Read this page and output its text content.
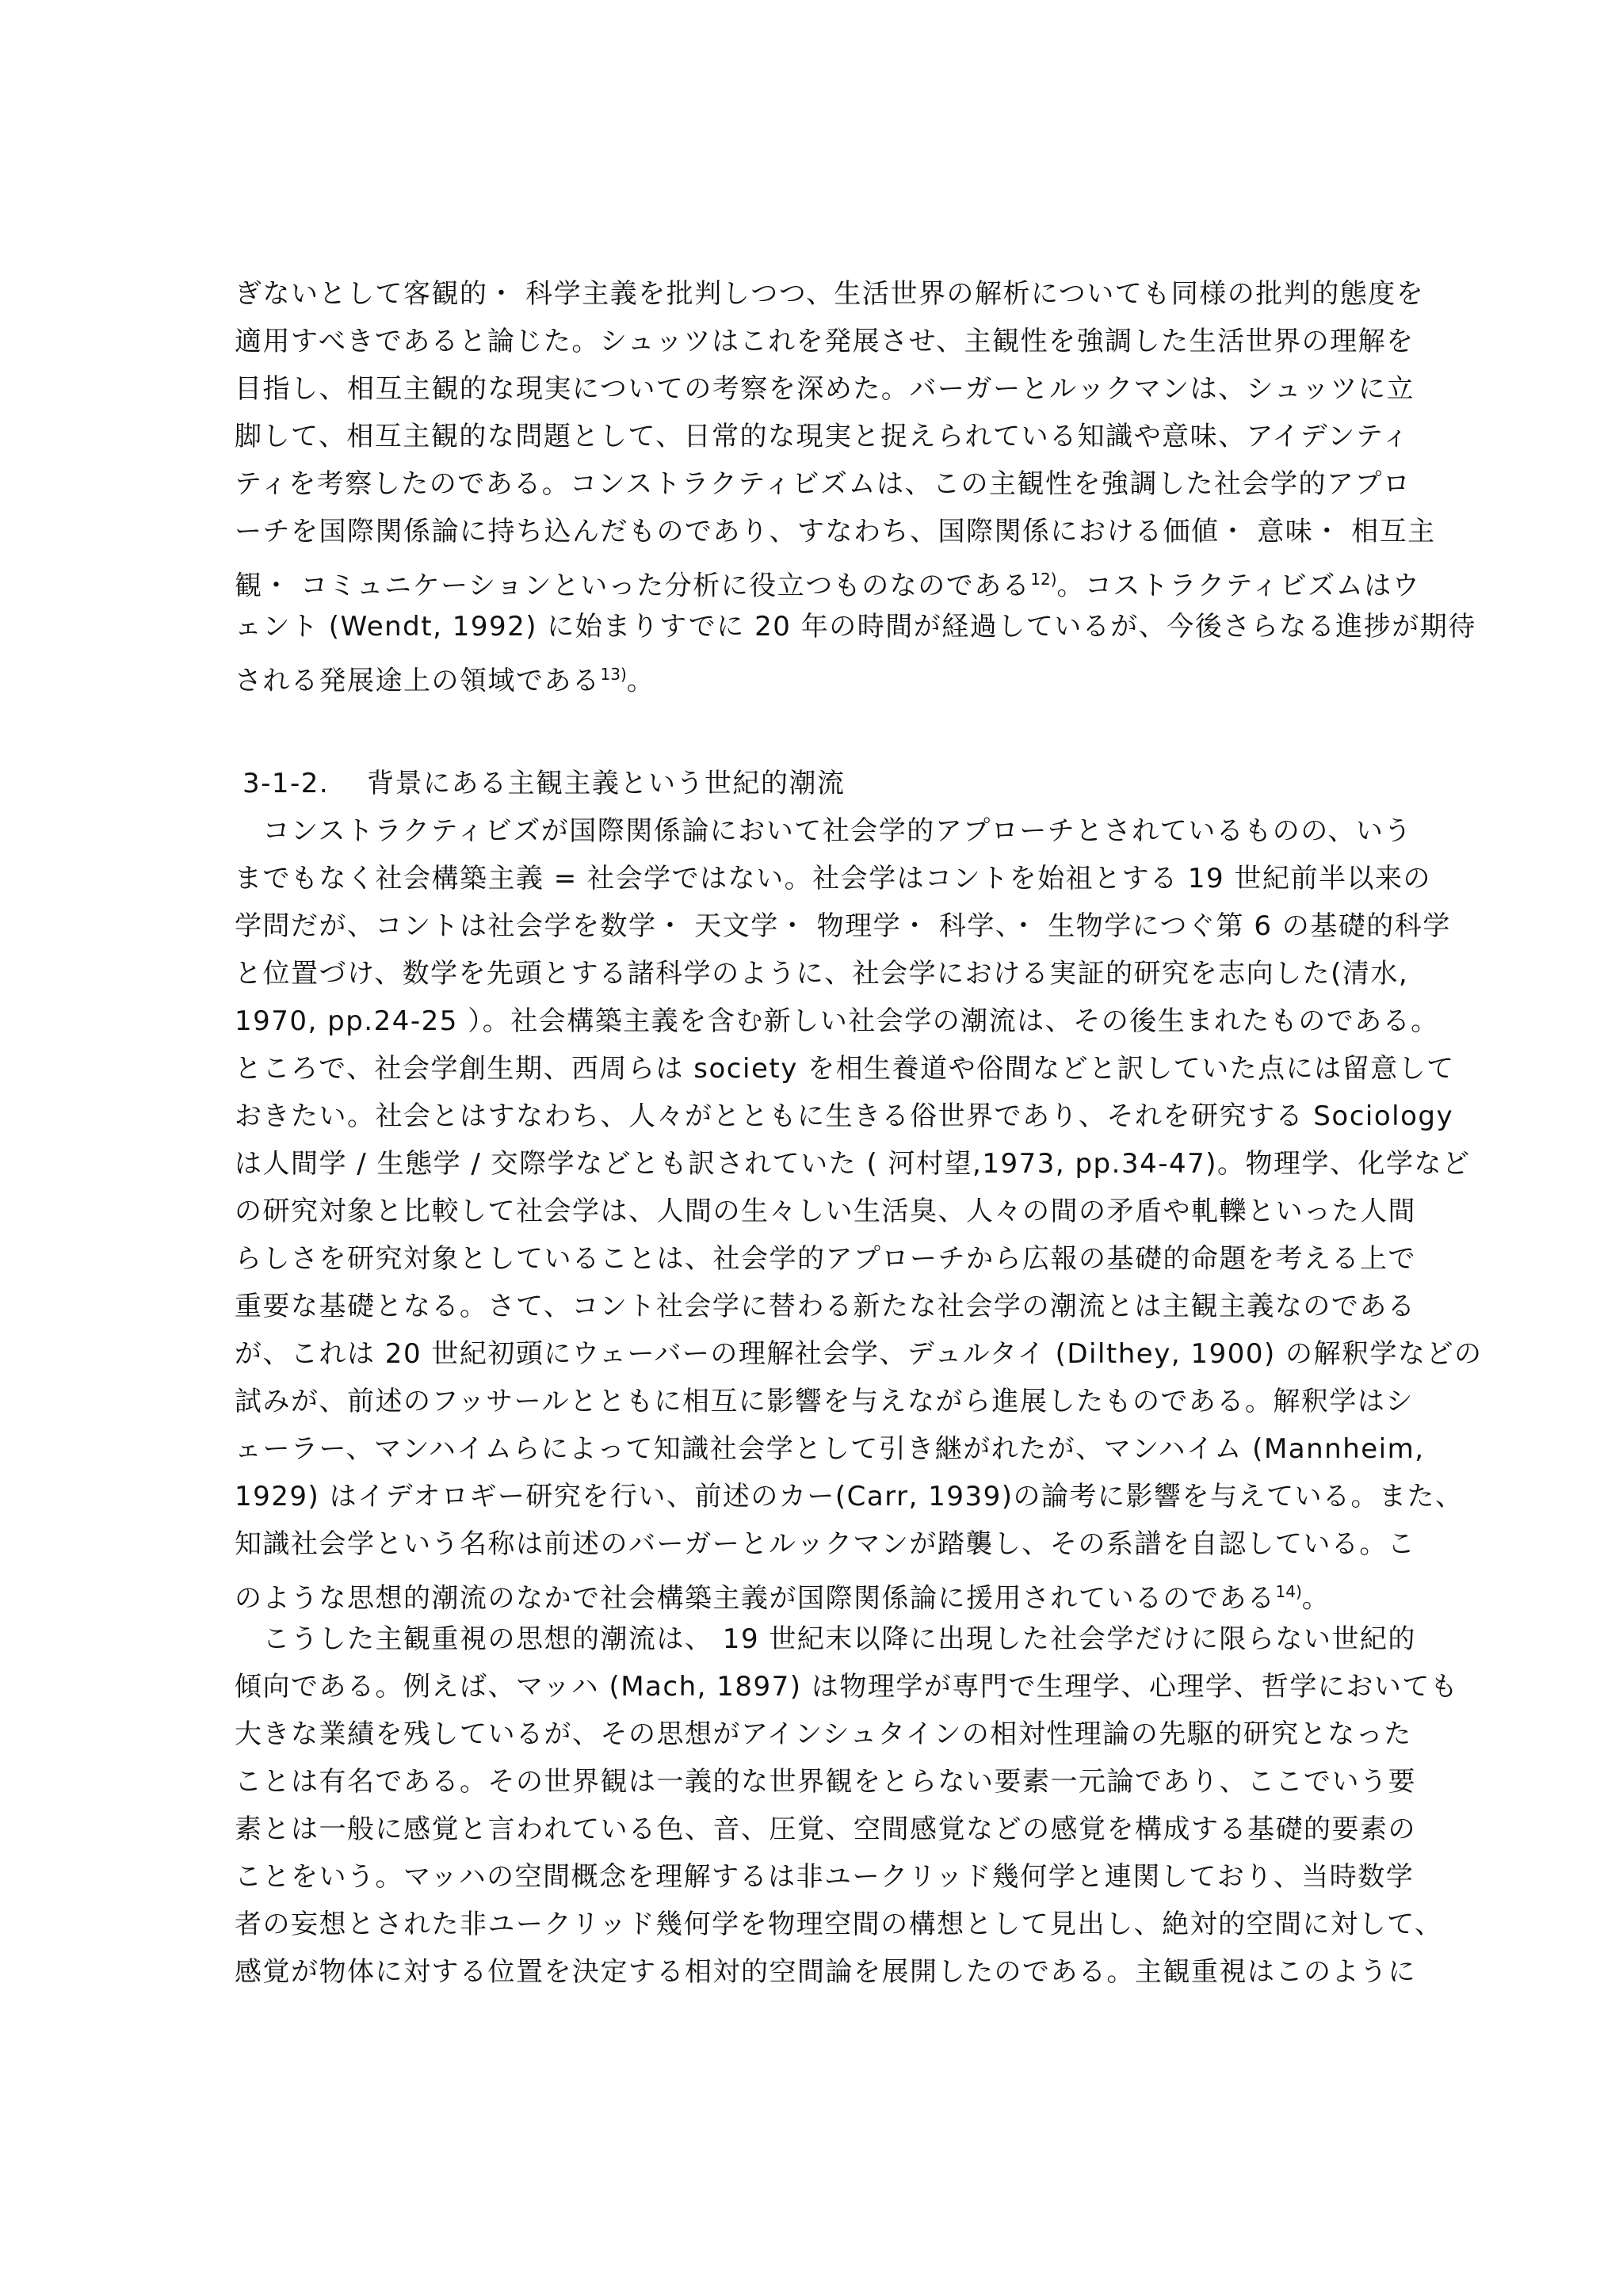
ぎないとして客観的・ 科学主義を批判しつつ、生活世界の解析についても同様の批判的態度を
適用すべきであると論じた。シュッツはこれを発展させ、主観性を強調した生活世界の理解を
目指し、相互主観的な現実についての考察を深めた。バーガーとルックマンは、シュッツに立
脚して、相互主観的な問題として、日常的な現実と捉えられている知識や意味、アイデンティ
ティを考察したのである。コンストラクティビズムは、この主観性を強調した社会学的アプロ
ーチを国際関係論に持ち込んだものであり、すなわち、国際関係における価値・ 意味・ 相互主
観・ コミュニケーションといった分析に役立つものなのである$^{12)}$。コストラクティビズムはウ
ェント (Wendt, 1992) に始まりすでに 20 年の時間が経過しているが、今後さらなる進捗が期待
される発展途上の領域である$^{13)}$。
3-1-2.　 背景にある主観主義という世紀的潮流
　コンストラクティビズが国際関係論において社会学的アプローチとされているものの、いう
までもなく社会構築主義 = 社会学ではない。社会学はコントを始祖とする 19 世紀前半以来の
学問だが、コントは社会学を数学・ 天文学・ 物理学・ 科学、・ 生物学につぐ第 6 の基礎的科学
と位置づけ、数学を先頭とする諸科学のように、社会学における実証的研究を志向した(清水,
1970, pp.24-25 ）。社会構築主義を含む新しい社会学の潮流は、その後生まれたものである。
ところで、社会学創生期、西周らは society を相生養道や俗間などと訳していた点には留意して
おきたい。社会とはすなわち、人々がとともに生きる俗世界であり、それを研究する Sociology
は人間学 / 生態学 / 交際学などとも訳されていた ( 河村望,1973, pp.34-47)。物理学、化学など
の研究対象と比較して社会学は、人間の生々しい生活臭、人々の間の矛盾や軋轢といった人間
らしさを研究対象としていることは、社会学的アプローチから広報の基礎的命題を考える上で
重要な基礎となる。さて、コント社会学に替わる新たな社会学の潮流とは主観主義なのである
が、これは 20 世紀初頭にウェーバーの理解社会学、デュルタイ (Dilthey, 1900) の解釈学などの
試みが、前述のフッサールとともに相互に影響を与えながら進展したものである。解釈学はシ
ェーラー、マンハイムらによって知識社会学として引き継がれたが、マンハイム (Mannheim,
1929) はイデオロギー研究を行い、前述のカー(Carr, 1939)の論考に影響を与えている。また、
知識社会学という名称は前述のバーガーとルックマンが踏襲し、その系譜を自認している。こ
のような思想的潮流のなかで社会構築主義が国際関係論に援用されているのである$^{14)}$。
　こうした主観重視の思想的潮流は、 19 世紀末以降に出現した社会学だけに限らない世紀的
傾向である。例えば、マッハ (Mach, 1897) は物理学が専門で生理学、心理学、哲学においても
大きな業績を残しているが、その思想がアインシュタインの相対性理論の先駆的研究となった
ことは有名である。その世界観は一義的な世界観をとらない要素一元論であり、ここでいう要
素とは一般に感覚と言われている色、音、圧覚、空間感覚などの感覚を構成する基礎的要素の
ことをいう。マッハの空間概念を理解するは非ユークリッド幾何学と連関しており、当時数学
者の妄想とされた非ユークリッド幾何学を物理空間の構想として見出し、絶対的空間に対して、
感覚が物体に対する位置を決定する相対的空間論を展開したのである。主観重視はこのように
